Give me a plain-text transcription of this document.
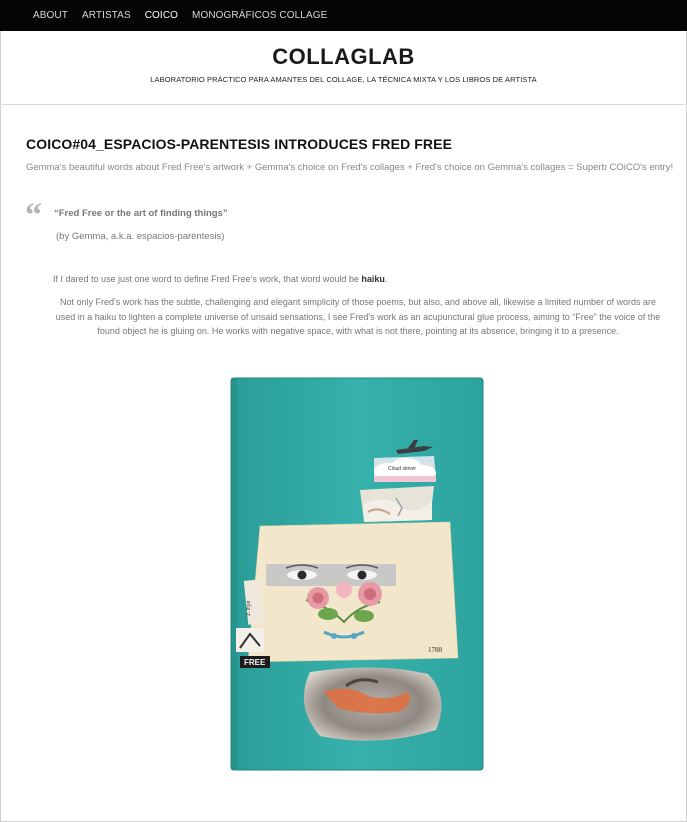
ABOUT ARTISTAS COICO MONOGRÁFICOS COLLAGE
COLLAGLAB
LABORATORIO PRÁCTICO PARA AMANTES DEL COLLAGE, LA TÉCNICA MIXTA Y LOS LIBROS DE ARTISTA
COICO#04_ESPACIOS-PARENTESIS INTRODUCES FRED FREE
Gemma's beautiful words about Fred Free's artwork + Gemma's choice on Fred's collages + Fred's choice on Gemma's collages = Superb COiCO's entry!
“ “Fred Free or the art of finding things”
(by Gemma, a.k.a. espacios-parentesis)
If I dared to use just one word to define Fred Free's work, that word would be haiku.
Not only Fred's work has the subtle, challenging and elegant simplicity of those poems, but also, and above all, likewise a limited number of words are used in a haiku to lighten a complete universe of unsaid sensations, I see Fred's work as an acupunctural glue process, aiming to “Free” the voice of the found object he is gluing on. He works with negative space, with what is not there, pointing at its absence, bringing it to a presence.
Cloud striver
1788
2. Eye
FREE
